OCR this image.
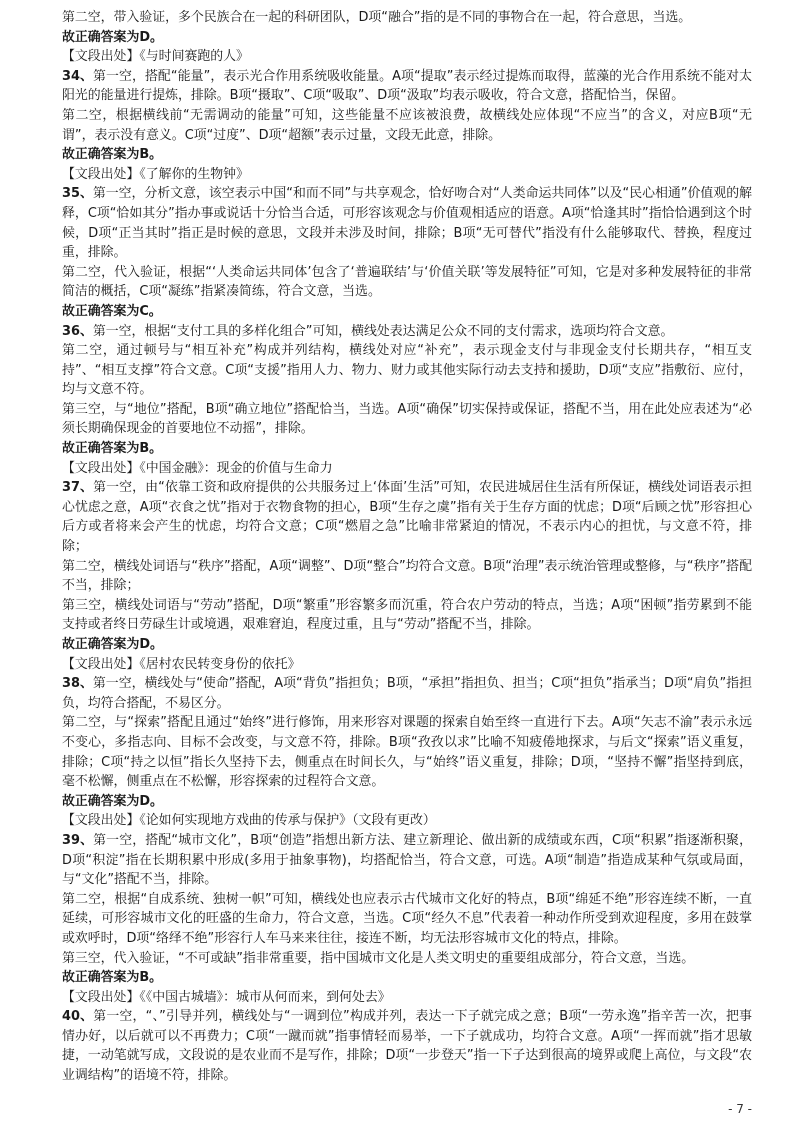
第二空，带入验证，多个民族合在一起的科研团队，D项“融合”指的是不同的事物合在一起，符合意思，当选。

故正确答案为D。

【文段出处】《与时间赛跑的人》

34、第一空，搭配“能量”，表示光合作用系统吸收能量。A项“提取”表示经过提炼而取得，蓝藻的光合作用系统不能对太阳光的能量进行提炼，排除。B项“摄取”、C项“吸取”、D项“汲取”均表示吸收，符合文意，搭配恰当，保留。

第二空，根据横线前“无需调动的能量”可知，这些能量不应该被浪费，故横线处应体现“不应当”的含义，对应B项“无谓”，表示没有意义。C项“过度”、D项“超额”表示过量，文段无此意，排除。

故正确答案为B。

【文段出处】《了解你的生物钟》

35、第一空，分析文意，该空表示中国“和而不同”与共享观念，恰好吻合对“人类命运共同体”以及“民心相通”价值观的解释，C项“恰如其分”指办事或说话十分恰当合适，可形容该观念与价值观相适应的语意。A项“恰逢其时”指恰恰遇到这个时候，D项“正当其时”指正是时候的意思，文段并未涉及时间，排除；B项“无可替代”指没有什么能够取代、替换，程度过重，排除。

第二空，代入验证，根据“‘人类命运共同体’包含了‘普遍联结’与‘价值关联’等发展特征”可知，它是对多种发展特征的非常简洁的概括，C项“凝练”指紧凑简练，符合文意，当选。

故正确答案为C。

36、第一空，根据“支付工具的多样化组合”可知，横线处表达满足公众不同的支付需求，选项均符合文意。

第二空，通过顿号与“相互补充”构成并列结构，横线处对应“补充”，表示现金支付与非现金支付长期共存，“相互支持”、“相互支撑”符合文意。C项“支援”指用人力、物力、财力或其他实际行动去支持和援助，D项“支应”指敷衍、应付，均与文意不符。

第三空，与“地位”搭配，B项“确立地位”搭配恰当，当选。A项“确保”切实保持或保证，搭配不当，用在此处应表述为“必须长期确保现金的首要地位不动摇”，排除。

故正确答案为B。

【文段出处】《中国金融》：现金的价值与生命力

37、第一空，由“依靠工资和政府提供的公共服务过上‘体面’生活”可知，农民进城居住生活有所保证，横线处词语表示担心忧虑之意，A项“衣食之忧”指对于衣物食物的担心，B项“生存之虞”指有关于生存方面的忧虑；D项“后顾之忧”形容担心后方或者将来会产生的忧虑，均符合文意；C项“燃眉之急”比喻非常紧迫的情况，不表示内心的担忧，与文意不符，排除；

第二空，横线处词语与“秩序”搭配，A项“调整”、D项“整合”均符合文意。B项“治理”表示统治管理或整修，与“秩序”搭配不当，排除；

第三空，横线处词语与“劳动”搭配，D项“繁重”形容繁多而沉重，符合农户劳动的特点，当选；A项“困顿”指劳累到不能支持或者终日劳碌生计或境遇，艰难窘迫，程度过重，且与“劳动”搭配不当，排除。

故正确答案为D。

【文段出处】《居村农民转变身份的依托》

38、第一空，横线处与“使命”搭配，A项“背负”指担负；B项，“承担”指担负、担当；C项“担负”指承当；D项“肩负”指担负，均符合搭配，不易区分。

第二空，与“探索”搭配且通过“始终”进行修饰，用来形容对课题的探索自始至终一直进行下去。A项“矢志不渝”表示永远不变心，多指志向、目标不会改变，与文意不符，排除。B项“孜孜以求”比喻不知疲倦地探求，与后文“探索”语义重复，排除；C项“持之以恒”指长久坚持下去，侧重点在时间长久，与“始终”语义重复，排除；D项，“坚持不懈”指坚持到底，毫不松懈，侧重点在不松懈，形容探索的过程符合文意。

故正确答案为D。

【文段出处】《论如何实现地方戏曲的传承与保护》（文段有更改）

39、第一空，搭配“城市文化”，B项“创造”指想出新方法、建立新理论、做出新的成绩或东西，C项“积累”指逐渐积聚，D项“积淀”指在长期积累中形成(多用于抽象事物)，均搭配恰当，符合文意，可选。A项“制造”指造成某种气氛或局面，与“文化”搭配不当，排除。

第二空，根据“自成系统、独树一帜”可知，横线处也应表示古代城市文化好的特点，B项“绵延不绝”形容连续不断，一直延续，可形容城市文化的旺盛的生命力，符合文意，当选。C项“经久不息”代表着一种动作所受到欢迎程度，多用在鼓掌或欢呼时，D项“络绎不绝”形容行人车马来来往往，接连不断，均无法形容城市文化的特点，排除。

第三空，代入验证，“不可或缺”指非常重要，指中国城市文化是人类文明史的重要组成部分，符合文意，当选。

故正确答案为B。

【文段出处】《《中国古城墙》：城市从何而来，到何处去》

40、第一空，“、”引导并列，横线处与“一调到位”构成并列，表达一下子就完成之意；B项“一劳永逸”指辛苦一次，把事情办好，以后就可以不再费力；C项“一蹴而就”指事情轻而易举，一下子就成功，均符合文意。A项“一挥而就”指才思敏捷，一动笔就写成，文段说的是农业而不是写作，排除；D项“一步登天”指一下子达到很高的境界或爬上高位，与文段“农业调结构”的语境不符，排除。

- 7 -
